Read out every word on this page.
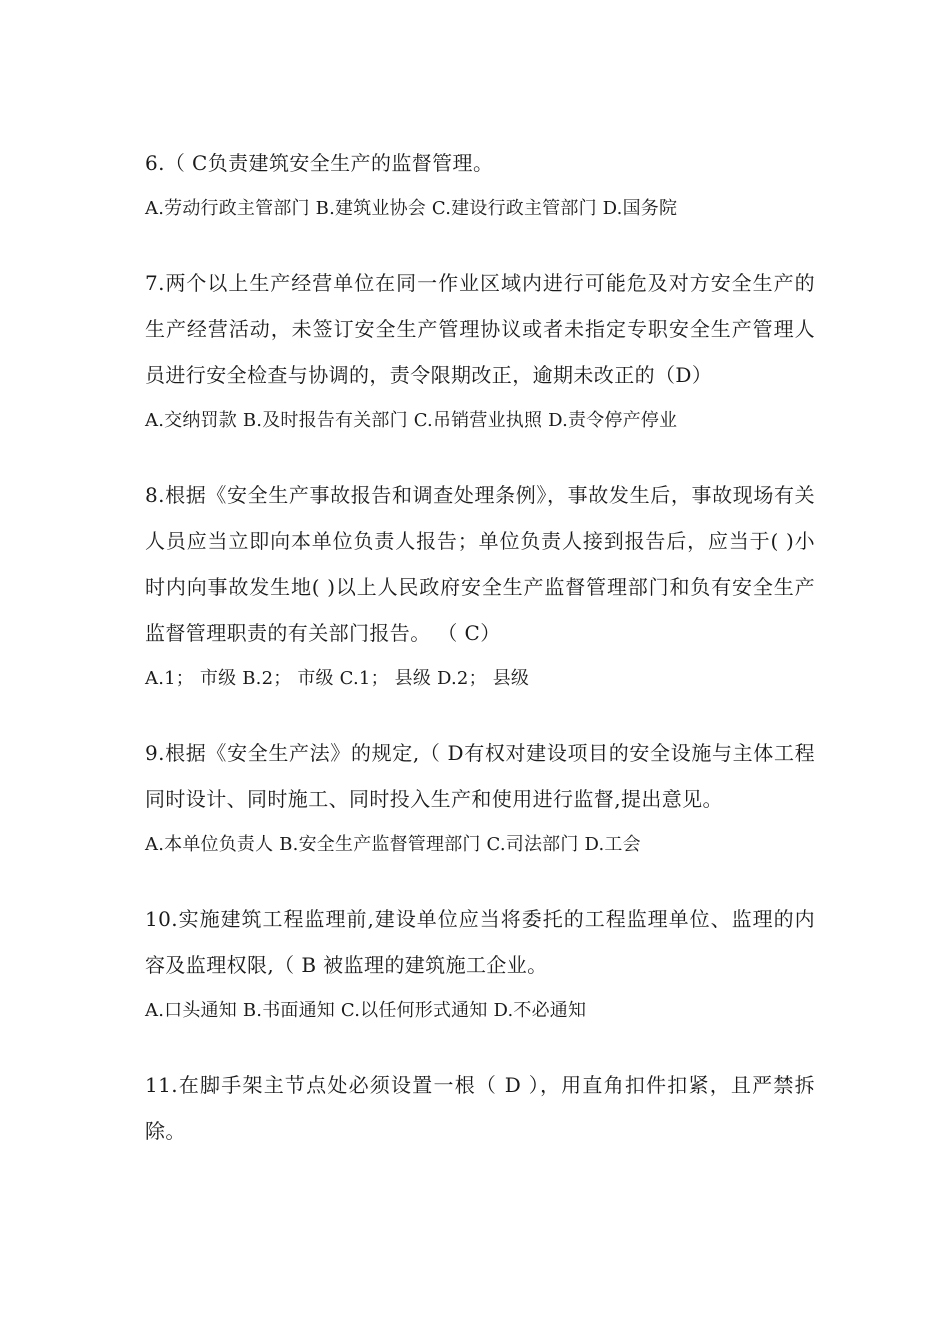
6.（ C负责建筑安全生产的监督管理。

A.劳动行政主管部门 B.建筑业协会 C.建设行政主管部门 D.国务院

7.两个以上生产经营单位在同一作业区域内进行可能危及对方安全生产的生产经营活动，未签订安全生产管理协议或者未指定专职安全生产管理人员进行安全检查与协调的，责令限期改正，逾期未改正的（D）

A.交纳罚款 B.及时报告有关部门 C.吊销营业执照 D.责令停产停业

8.根据《安全生产事故报告和调查处理条例》，事故发生后，事故现场有关人员应当立即向本单位负责人报告；单位负责人接到报告后，应当于( )小时内向事故发生地( )以上人民政府安全生产监督管理部门和负有安全生产监督管理职责的有关部门报告。 （ C）

A.1； 市级 B.2； 市级 C.1； 县级 D.2； 县级

9.根据《安全生产法》的规定,（ D有权对建设项目的安全设施与主体工程同时设计、同时施工、同时投入生产和使用进行监督,提出意见。

A.本单位负责人 B.安全生产监督管理部门 C.司法部门 D.工会

10.实施建筑工程监理前,建设单位应当将委托的工程监理单位、监理的内容及监理权限,（ B 被监理的建筑施工企业。

A.口头通知 B.书面通知 C.以任何形式通知 D.不必通知

11.在脚手架主节点处必须设置一根（ D ），用直角扣件扣紧，且严禁拆除。
